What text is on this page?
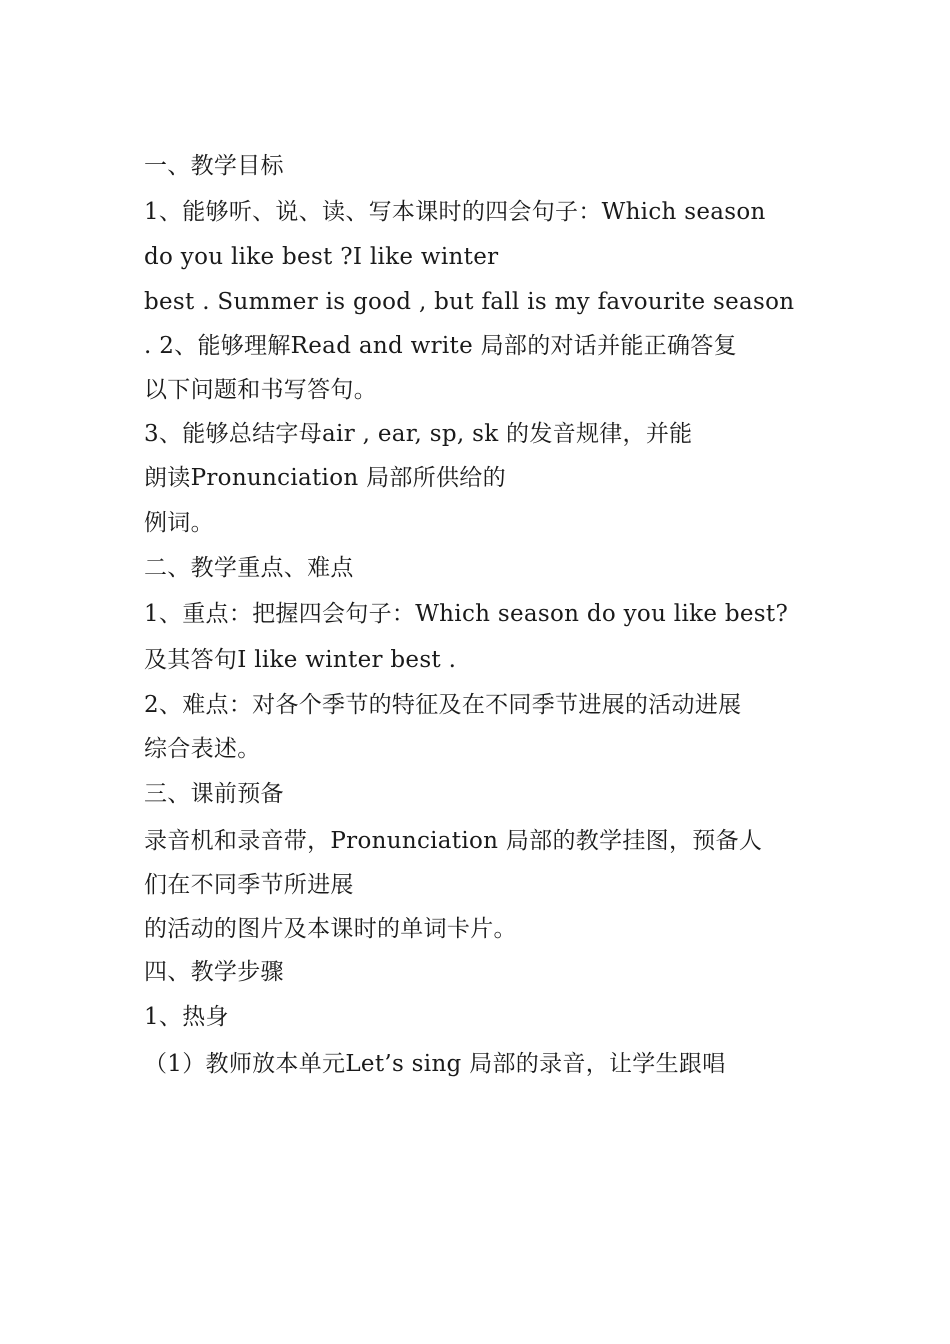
一、教学目标
1、能够听、说、读、写本课时的四会句子：Which season
do you like best ?I like winter
best . Summer is good , but fall is my favourite season
. 2、能够理解Read and write 局部的对话并能正确答复
以下问题和书写答句。
3、能够总结字母air , ear, sp, sk 的发音规律，并能
朗读Pronunciation 局部所供给的
例词。
二、教学重点、难点
1、重点：把握四会句子：Which season do you like best?
及其答句I like winter best .
2、难点：对各个季节的特征及在不同季节进展的活动进展
综合表述。
三、课前预备
录音机和录音带，Pronunciation 局部的教学挂图，预备人
们在不同季节所进展
的活动的图片及本课时的单词卡片。
四、教学步骤
1、热身
（1）教师放本单元Let’s sing 局部的录音，让学生跟唱
